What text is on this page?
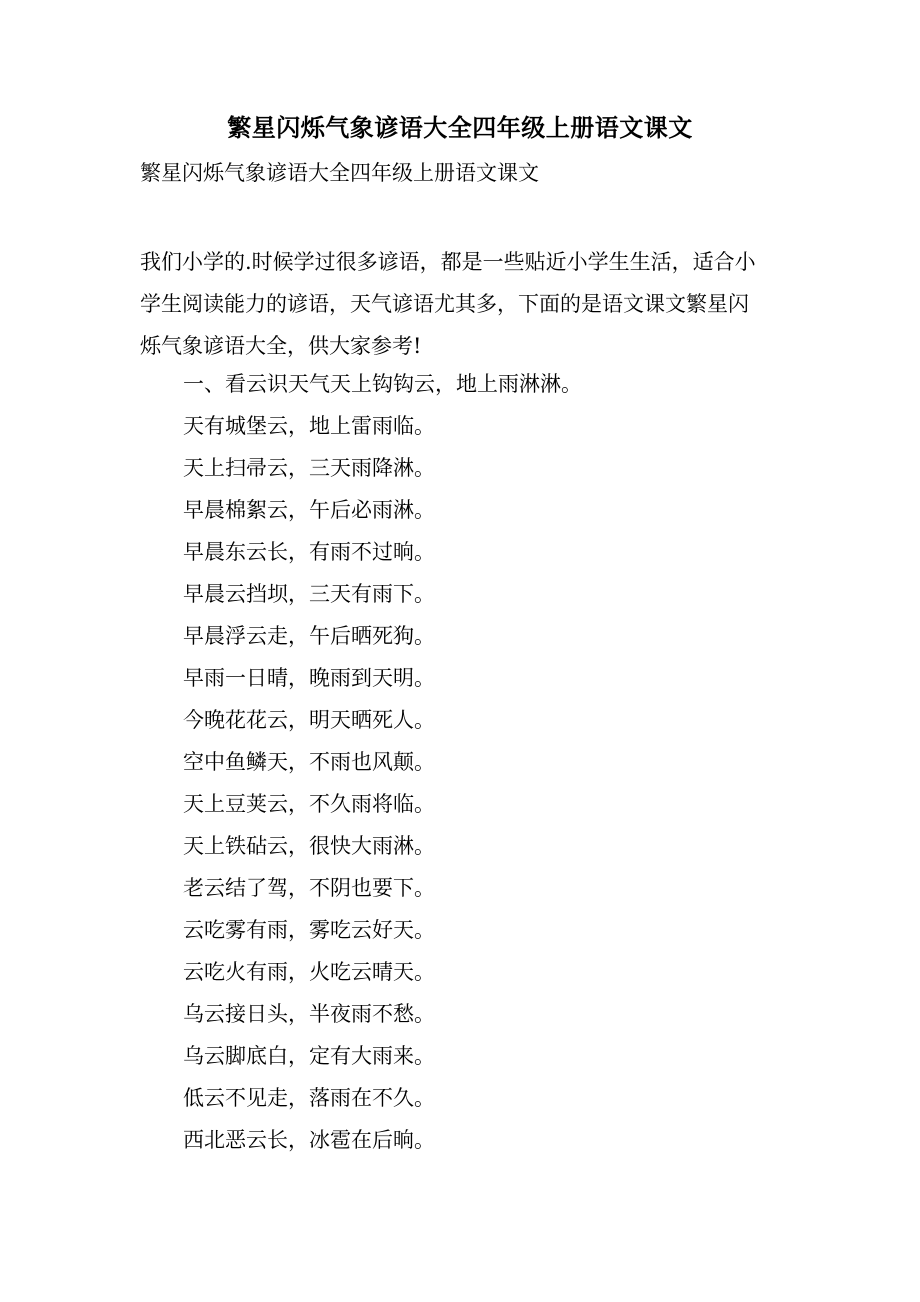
繁星闪烁气象谚语大全四年级上册语文课文
繁星闪烁气象谚语大全四年级上册语文课文

我们小学的.时候学过很多谚语，都是一些贴近小学生生活，适合小
学生阅读能力的谚语，天气谚语尤其多，下面的是语文课文繁星闪
烁气象谚语大全，供大家参考!

一、看云识天气天上钩钩云，地上雨淋淋。
天有城堡云，地上雷雨临。
天上扫帚云，三天雨降淋。
早晨棉絮云，午后必雨淋。
早晨东云长，有雨不过晌。
早晨云挡坝，三天有雨下。
早晨浮云走，午后晒死狗。
早雨一日晴，晚雨到天明。
今晚花花云，明天晒死人。
空中鱼鳞天，不雨也风颠。
天上豆荚云，不久雨将临。
天上铁砧云，很快大雨淋。
老云结了驾，不阴也要下。
云吃雾有雨，雾吃云好天。
云吃火有雨，火吃云晴天。
乌云接日头，半夜雨不愁。
乌云脚底白，定有大雨来。
低云不见走，落雨在不久。
西北恶云长，冰雹在后晌。
